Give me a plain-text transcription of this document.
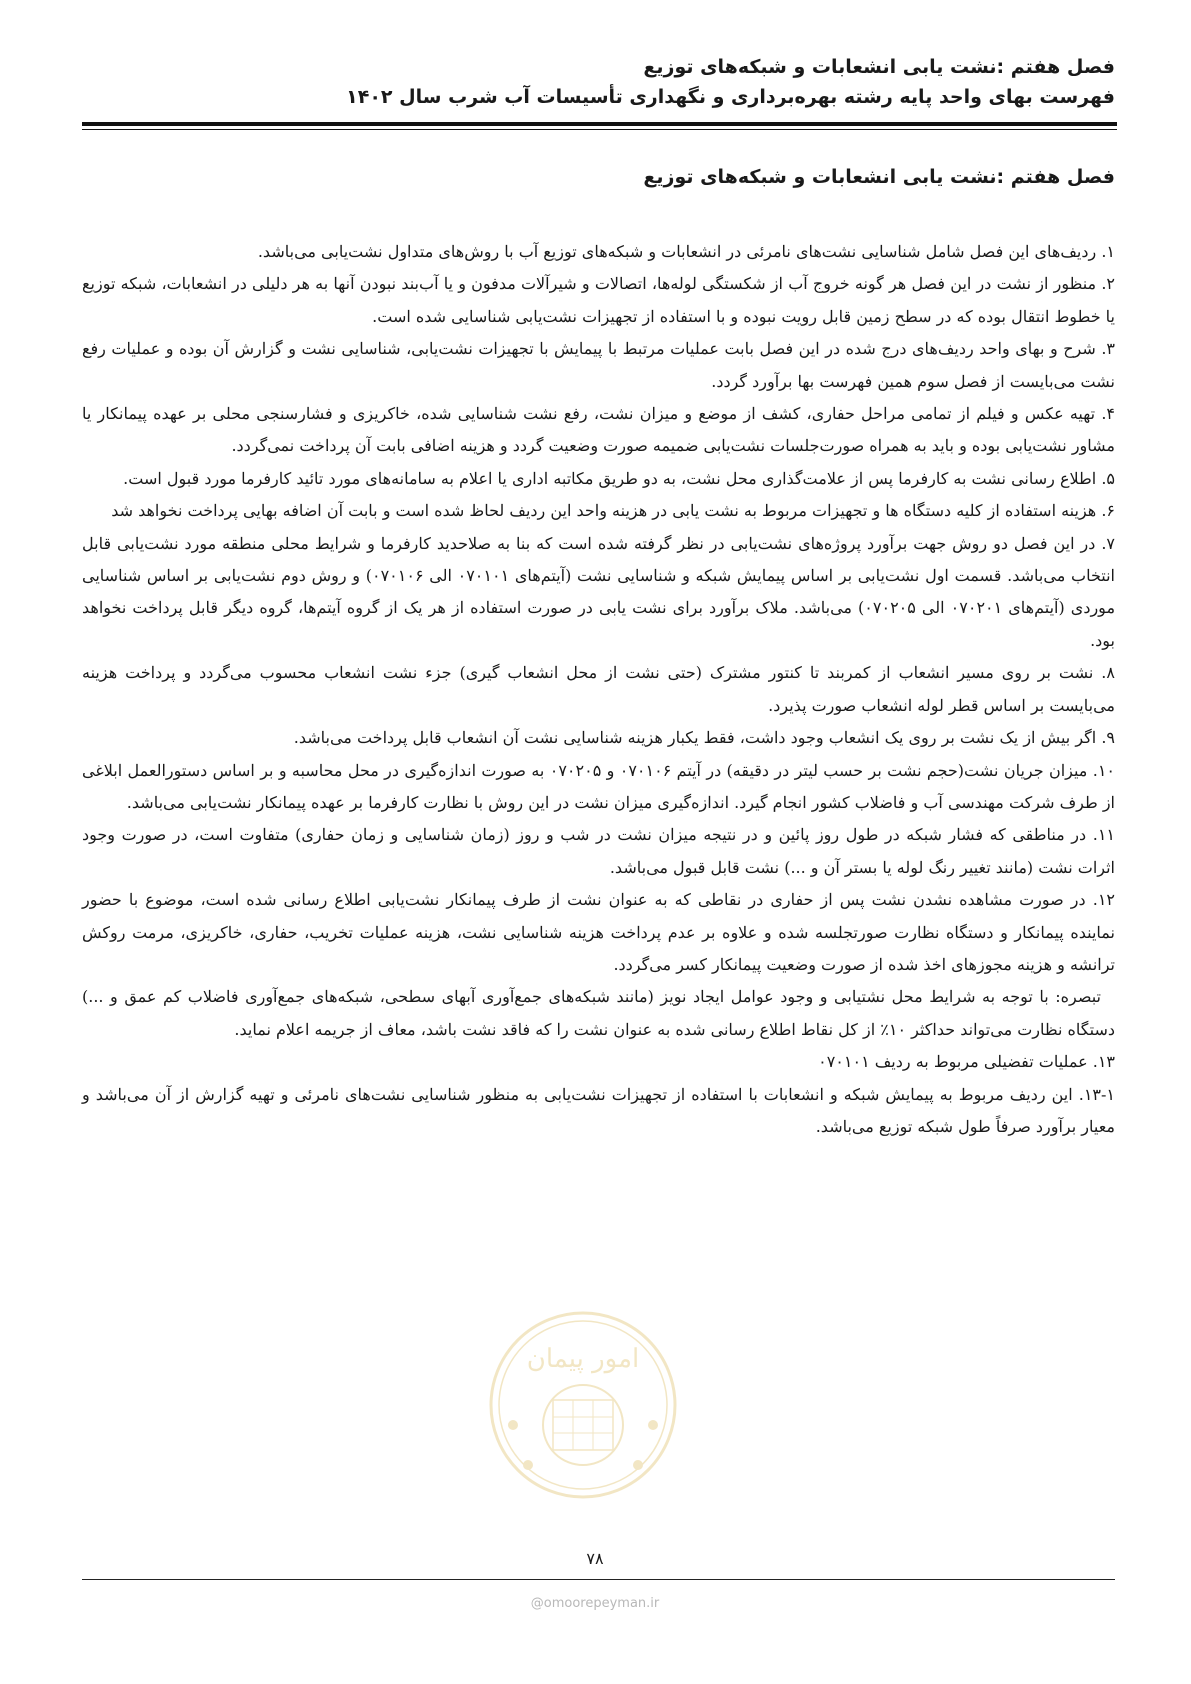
فصل هفتم :نشت یابی انشعابات و شبکه‌های توزیع
فهرست بهای واحد پایه رشته بهره‌برداری و نگهداری تأسیسات آب شرب سال ۱۴۰۲
فصل هفتم :نشت یابی انشعابات و شبکه‌های توزیع

۱. ردیف‌های این فصل شامل شناسایی نشت‌های نامرئی در انشعابات و شبکه‌های توزیع آب با روش‌های متداول نشت‌یابی می‌باشد.

۲. منظور از نشت در این فصل هر گونه خروج آب از شکستگی لوله‌ها، اتصالات و شیرآلات مدفون و یا آب‌بند نبودن آنها به هر دلیلی در انشعابات، شبکه توزیع یا خطوط انتقال بوده که در سطح زمین قابل رویت نبوده و با استفاده از تجهیزات نشت‌یابی شناسایی شده است.

۳. شرح و بهای واحد ردیف‌های درج شده در این فصل بابت عملیات مرتبط با پیمایش با تجهیزات نشت‌یابی، شناسایی نشت و گزارش آن بوده و عملیات رفع نشت می‌بایست از فصل سوم همین فهرست بها برآورد گردد.

۴. تهیه عکس و فیلم از تمامی مراحل حفاری، کشف از موضع و میزان نشت، رفع نشت شناسایی شده، خاکریزی و فشارسنجی محلی بر عهده پیمانکار یا مشاور نشت‌یابی بوده و باید به همراه صورت‌جلسات نشت‌یابی ضمیمه صورت وضعیت گردد و هزینه اضافی بابت آن پرداخت نمی‌گردد.

۵. اطلاع رسانی نشت به کارفرما پس از علامت‌گذاری محل نشت، به دو طریق مکاتبه اداری یا اعلام به سامانه‌های مورد تائید کارفرما مورد قبول است.

۶. هزینه استفاده از کلیه دستگاه ها و تجهیزات مربوط به نشت یابی در هزینه واحد این ردیف لحاظ شده است و بابت آن اضافه بهایی پرداخت نخواهد شد

۷. در این فصل دو روش جهت برآورد پروژه‌های نشت‌یابی در نظر گرفته شده است که بنا به صلاحدید کارفرما و شرایط محلی منطقه مورد نشت‌یابی قابل انتخاب می‌باشد. قسمت اول نشت‌یابی بر اساس پیمایش شبکه و شناسایی نشت (آیتم‌های ۰۷۰۱۰۱ الی ۰۷۰۱۰۶) و روش دوم نشت‌یابی بر اساس شناسایی موردی (آیتم‌های ۰۷۰۲۰۱ الی ۰۷۰۲۰۵) می‌باشد. ملاک برآورد برای نشت یابی در صورت استفاده از هر یک از گروه آیتم‌ها، گروه دیگر قابل پرداخت نخواهد بود.

۸. نشت بر روی مسیر انشعاب از کمربند تا کنتور مشترک (حتی نشت از محل انشعاب گیری) جزء نشت انشعاب محسوب می‌گردد و پرداخت هزینه می‌بایست بر اساس قطر لوله انشعاب صورت پذیرد.

۹. اگر بیش از یک نشت بر روی یک انشعاب وجود داشت، فقط یکبار هزینه شناسایی نشت آن انشعاب قابل پرداخت می‌باشد.

۱۰. میزان جریان نشت(حجم نشت بر حسب لیتر در دقیقه) در آیتم ۰۷۰۱۰۶ و ۰۷۰۲۰۵ به صورت اندازه‌گیری در محل محاسبه و بر اساس دستورالعمل ابلاغی از طرف شرکت مهندسی آب و فاضلاب کشور انجام گیرد. اندازه‌گیری میزان نشت در این روش با نظارت کارفرما بر عهده پیمانکار نشت‌یابی می‌باشد.

۱۱. در مناطقی که فشار شبکه در طول روز پائین و در نتیجه میزان نشت در شب و روز (زمان شناسایی و زمان حفاری) متفاوت است، در صورت وجود اثرات نشت (مانند تغییر رنگ لوله یا بستر آن و ...) نشت قابل قبول می‌باشد.

۱۲. در صورت مشاهده نشدن نشت پس از حفاری در نقاطی که به عنوان نشت از طرف پیمانکار نشت‌یابی اطلاع رسانی شده است، موضوع با حضور نماینده پیمانکار و دستگاه نظارت صورتجلسه شده و علاوه بر عدم پرداخت هزینه شناسایی نشت، هزینه عملیات تخریب، حفاری، خاکریزی، مرمت روکش ترانشه و هزینه مجوزهای اخذ شده از صورت وضعیت پیمانکار کسر می‌گردد.

تبصره: با توجه به شرایط محل نشتیابی و وجود عوامل ایجاد نویز (مانند شبکه‌های جمع‌آوری آبهای سطحی، شبکه‌های جمع‌آوری فاضلاب کم عمق و ...) دستگاه نظارت می‌تواند حداکثر ۱۰٪ از کل نقاط اطلاع رسانی شده به عنوان نشت را که فاقد نشت باشد، معاف از جریمه اعلام نماید.

۱۳. عملیات تفضیلی مربوط به ردیف ۰۷۰۱۰۱

۱۳-۱. این ردیف مربوط به پیمایش شبکه و انشعابات با استفاده از تجهیزات نشت‌یابی به منظور شناسایی نشت‌های نامرئی و تهیه گزارش از آن می‌باشد و معیار برآورد صرفاً طول شبکه توزیع می‌باشد.

امور پیمان
۷۸
@omoorepeyman.ir
